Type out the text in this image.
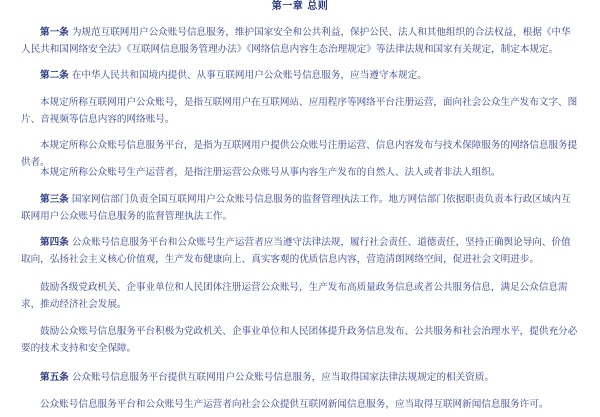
第一章 总则

第一条 为规范互联网用户公众账号信息服务，维护国家安全和公共利益，保护公民、法人和其他组织的合法权益，根据《中华人民共和国网络安全法》《互联网信息服务管理办法》《网络信息内容生态治理规定》等法律法规和国家有关规定，制定本规定。

第二条 在中华人民共和国境内提供、从事互联网用户公众账号信息服务，应当遵守本规定。

本规定所称互联网用户公众账号，是指互联网用户在互联网站、应用程序等网络平台注册运营，面向社会公众生产发布文字、图片、音视频等信息内容的网络账号。

本规定所称公众账号信息服务平台，是指为互联网用户提供公众账号注册运营、信息内容发布与技术保障服务的网络信息服务提供者。

本规定所称公众账号生产运营者，是指注册运营公众账号从事内容生产发布的自然人、法人或者非法人组织。

第三条 国家网信部门负责全国互联网用户公众账号信息服务的监督管理执法工作。地方网信部门依据职责负责本行政区域内互联网用户公众账号信息服务的监督管理执法工作。

第四条 公众账号信息服务平台和公众账号生产运营者应当遵守法律法规，履行社会责任、道德责任，坚持正确舆论导向、价值取向，弘扬社会主义核心价值观，生产发布健康向上、真实客观的优质信息内容，营造清朗网络空间，促进社会文明进步。

鼓励各级党政机关、企事业单位和人民团体注册运营公众账号，生产发布高质量政务信息或者公共服务信息，满足公众信息需求，推动经济社会发展。

鼓励公众账号信息服务平台积极为党政机关、企事业单位和人民团体提升政务信息发布、公共服务和社会治理水平，提供充分必要的技术支持和安全保障。

第五条 公众账号信息服务平台提供互联网用户公众账号信息服务，应当取得国家法律法规规定的相关资质。

公众账号信息服务平台和公众账号生产运营者向社会公众提供互联网新闻信息服务，应当取得互联网新闻信息服务许可。
